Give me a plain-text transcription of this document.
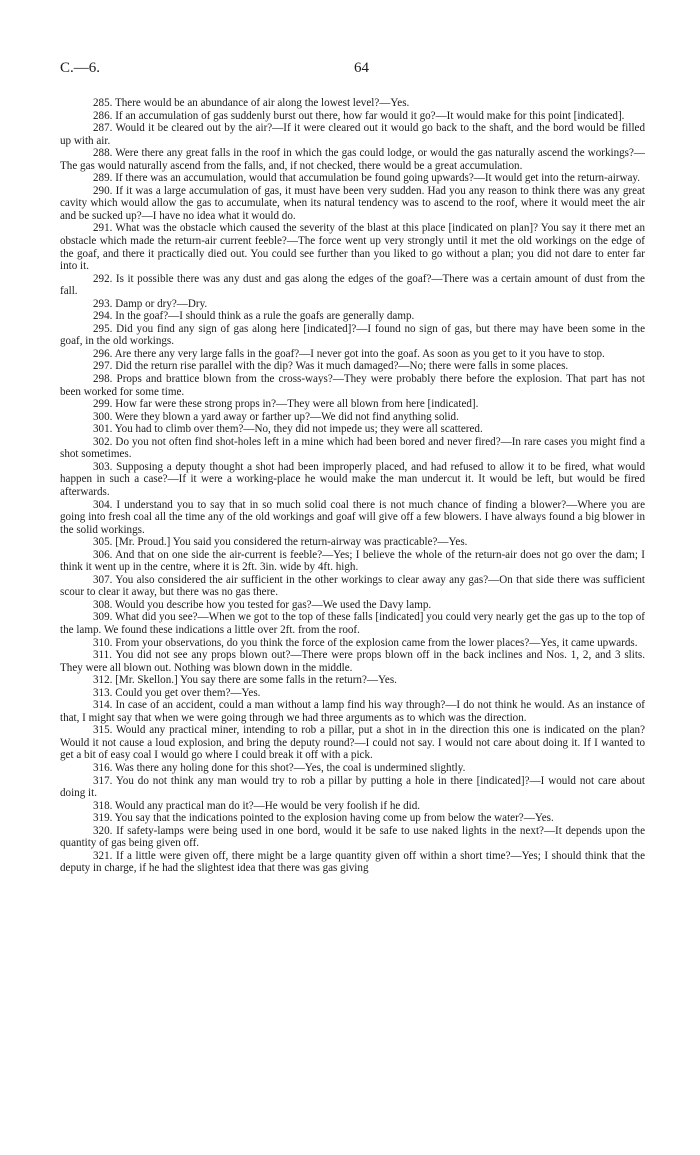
C.—6.	64

285. There would be an abundance of air along the lowest level?—Yes.

286. If an accumulation of gas suddenly burst out there, how far would it go?—It would make for this point [indicated].

287. Would it be cleared out by the air?—If it were cleared out it would go back to the shaft, and the bord would be filled up with air.

288. Were there any great falls in the roof in which the gas could lodge, or would the gas naturally ascend the workings?—The gas would naturally ascend from the falls, and, if not checked, there would be a great accumulation.

289. If there was an accumulation, would that accumulation be found going upwards?—It would get into the return-airway.

290. If it was a large accumulation of gas, it must have been very sudden. Had you any reason to think there was any great cavity which would allow the gas to accumulate, when its natural tendency was to ascend to the roof, where it would meet the air and be sucked up?—I have no idea what it would do.

291. What was the obstacle which caused the severity of the blast at this place [indicated on plan]? You say it there met an obstacle which made the return-air current feeble?—The force went up very strongly until it met the old workings on the edge of the goaf, and there it practically died out. You could see further than you liked to go without a plan; you did not dare to enter far into it.

292. Is it possible there was any dust and gas along the edges of the goaf?—There was a certain amount of dust from the fall.

293. Damp or dry?—Dry.

294. In the goaf?—I should think as a rule the goafs are generally damp.

295. Did you find any sign of gas along here [indicated]?—I found no sign of gas, but there may have been some in the goaf, in the old workings.

296. Are there any very large falls in the goaf?—I never got into the goaf. As soon as you get to it you have to stop.

297. Did the return rise parallel with the dip? Was it much damaged?—No; there were falls in some places.

298. Props and brattice blown from the cross-ways?—They were probably there before the explosion. That part has not been worked for some time.

299. How far were these strong props in?—They were all blown from here [indicated].

300. Were they blown a yard away or farther up?—We did not find anything solid.

301. You had to climb over them?—No, they did not impede us; they were all scattered.

302. Do you not often find shot-holes left in a mine which had been bored and never fired?—In rare cases you might find a shot sometimes.

303. Supposing a deputy thought a shot had been improperly placed, and had refused to allow it to be fired, what would happen in such a case?—If it were a working-place he would make the man undercut it. It would be left, but would be fired afterwards.

304. I understand you to say that in so much solid coal there is not much chance of finding a blower?—Where you are going into fresh coal all the time any of the old workings and goaf will give off a few blowers. I have always found a big blower in the solid workings.

305. [Mr. Proud.] You said you considered the return-airway was practicable?—Yes.

306. And that on one side the air-current is feeble?—Yes; I believe the whole of the return-air does not go over the dam; I think it went up in the centre, where it is 2ft. 3in. wide by 4ft. high.

307. You also considered the air sufficient in the other workings to clear away any gas?—On that side there was sufficient scour to clear it away, but there was no gas there.

308. Would you describe how you tested for gas?—We used the Davy lamp.

309. What did you see?—When we got to the top of these falls [indicated] you could very nearly get the gas up to the top of the lamp. We found these indications a little over 2ft. from the roof.

310. From your observations, do you think the force of the explosion came from the lower places?—Yes, it came upwards.

311. You did not see any props blown out?—There were props blown off in the back inclines and Nos. 1, 2, and 3 slits. They were all blown out. Nothing was blown down in the middle.

312. [Mr. Skellon.] You say there are some falls in the return?—Yes.

313. Could you get over them?—Yes.

314. In case of an accident, could a man without a lamp find his way through?—I do not think he would. As an instance of that, I might say that when we were going through we had three arguments as to which was the direction.

315. Would any practical miner, intending to rob a pillar, put a shot in in the direction this one is indicated on the plan? Would it not cause a loud explosion, and bring the deputy round?—I could not say. I would not care about doing it. If I wanted to get a bit of easy coal I would go where I could break it off with a pick.

316. Was there any holing done for this shot?—Yes, the coal is undermined slightly.

317. You do not think any man would try to rob a pillar by putting a hole in there [indicated]?—I would not care about doing it.

318. Would any practical man do it?—He would be very foolish if he did.

319. You say that the indications pointed to the explosion having come up from below the water?—Yes.

320. If safety-lamps were being used in one bord, would it be safe to use naked lights in the next?—It depends upon the quantity of gas being given off.

321. If a little were given off, there might be a large quantity given off within a short time?—Yes; I should think that the deputy in charge, if he had the slightest idea that there was gas giving
